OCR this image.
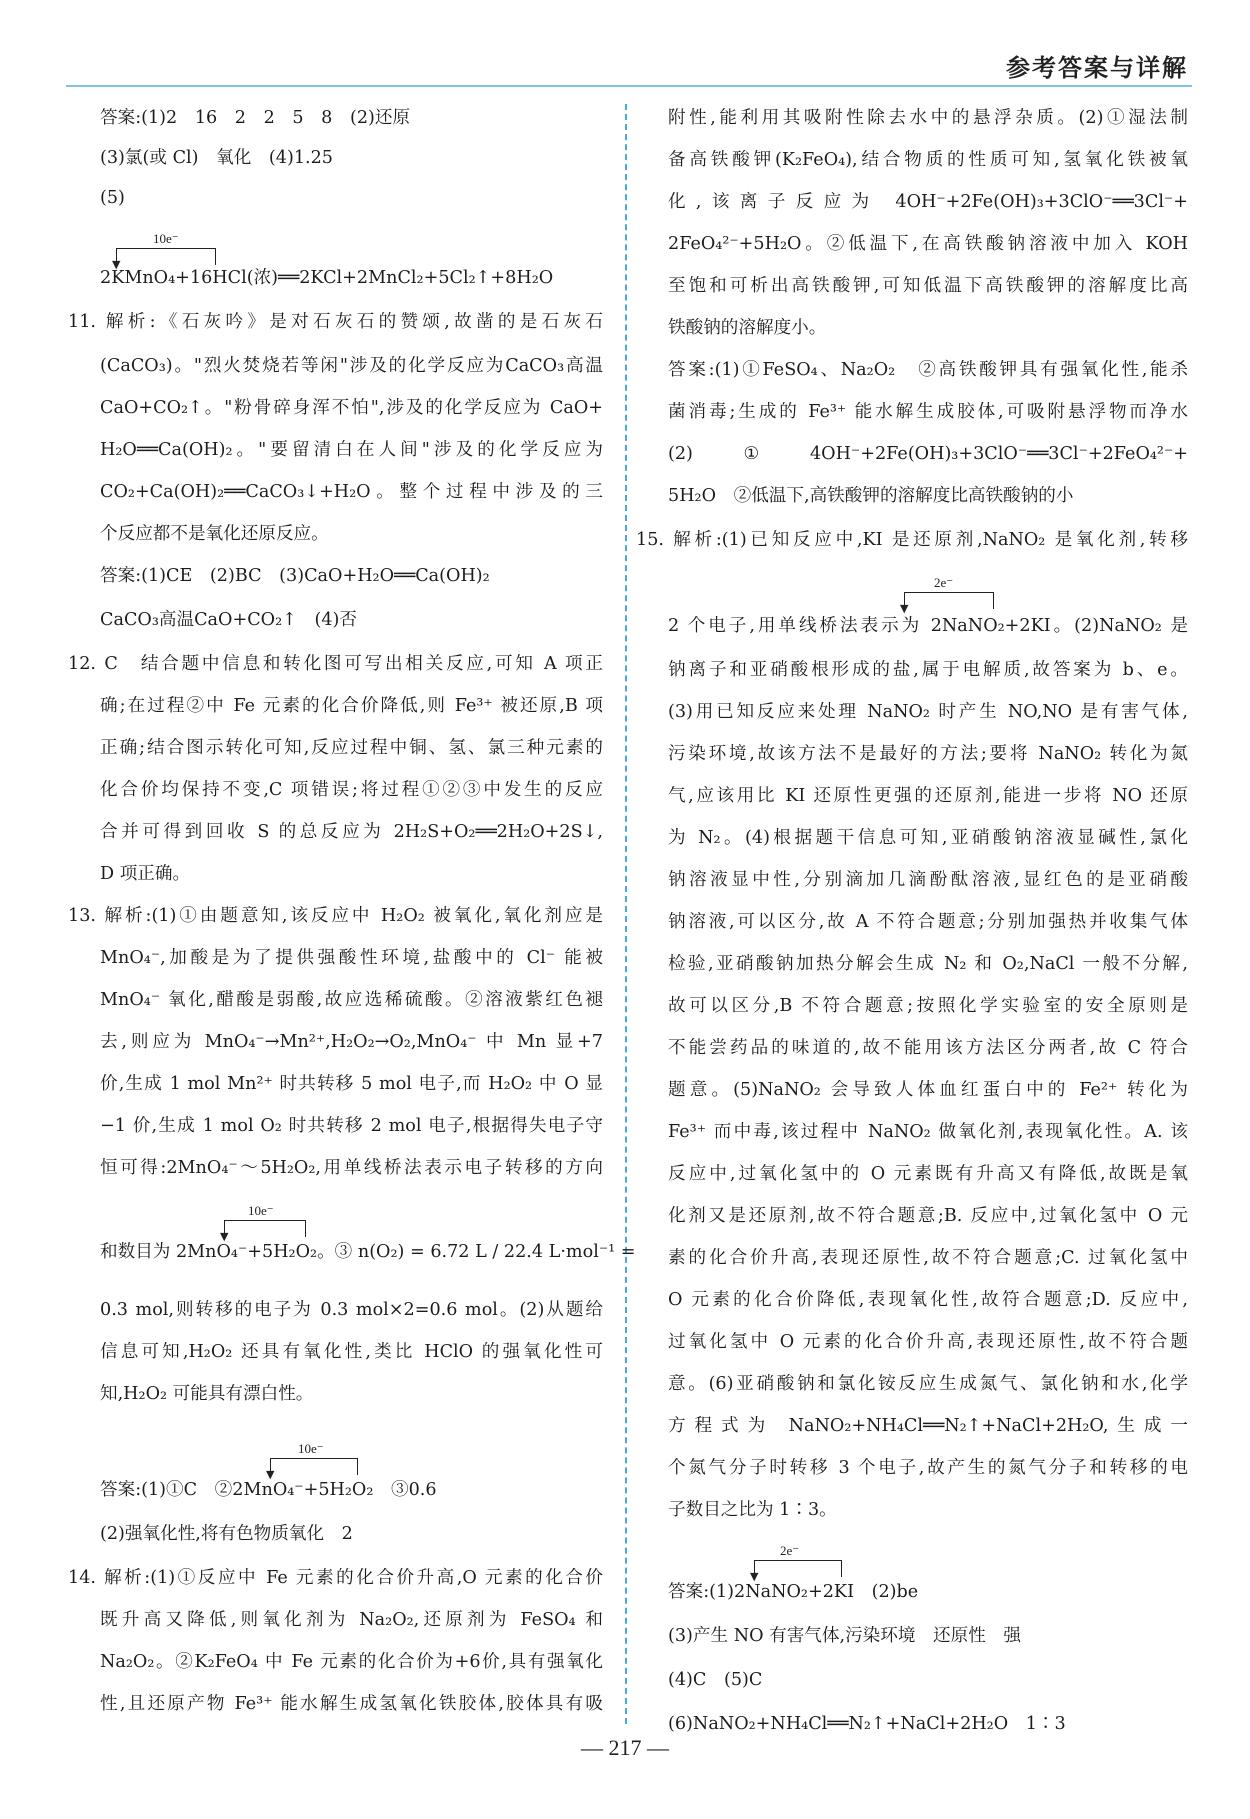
参考答案与详解
答案:(1)2　16　2　2　5　8　(2)还原
(3)氯(或 Cl)　氧化　(4)1.25
(5)
10e⁻
▼
2KMnO₄+16HCl(浓)══2KCl+2MnCl₂+5Cl₂↑+8H₂O
11. 解析:《石灰吟》是对石灰石的赞颂,故凿的是石灰石
(CaCO₃)。"烈火焚烧若等闲"涉及的化学反应为CaCO₃高温
CaO+CO₂↑。"粉骨碎身浑不怕",涉及的化学反应为 CaO+
H₂O══Ca(OH)₂。"要留清白在人间"涉及的化学反应为
CO₂+Ca(OH)₂══CaCO₃↓+H₂O。整个过程中涉及的三
个反应都不是氧化还原反应。
答案:(1)CE　(2)BC　(3)CaO+H₂O══Ca(OH)₂
CaCO₃高温CaO+CO₂↑　(4)否
12. C　结合题中信息和转化图可写出相关反应,可知 A 项正
确;在过程②中 Fe 元素的化合价降低,则 Fe³⁺ 被还原,B 项
正确;结合图示转化可知,反应过程中铜、氢、氯三种元素的
化合价均保持不变,C 项错误;将过程①②③中发生的反应
合并可得到回收 S 的总反应为 2H₂S+O₂══2H₂O+2S↓,
D 项正确。
13. 解析:(1)①由题意知,该反应中 H₂O₂ 被氧化,氧化剂应是
MnO₄⁻,加酸是为了提供强酸性环境,盐酸中的 Cl⁻ 能被
MnO₄⁻ 氧化,醋酸是弱酸,故应选稀硫酸。②溶液紫红色褪
去,则应为 MnO₄⁻→Mn²⁺,H₂O₂→O₂,MnO₄⁻ 中 Mn 显+7
价,生成 1 mol Mn²⁺ 时共转移 5 mol 电子,而 H₂O₂ 中 O 显
−1 价,生成 1 mol O₂ 时共转移 2 mol 电子,根据得失电子守
恒可得:2MnO₄⁻～5H₂O₂,用单线桥法表示电子转移的方向
10e⁻
▼
和数目为 2MnO₄⁻+5H₂O₂。③ n(O₂) = 6.72 L / 22.4 L·mol⁻¹ =
0.3 mol,则转移的电子为 0.3 mol×2=0.6 mol。(2)从题给
信息可知,H₂O₂ 还具有氧化性,类比 HClO 的强氧化性可
知,H₂O₂ 可能具有漂白性。
10e⁻
▼
答案:(1)①C　②2MnO₄⁻+5H₂O₂　③0.6
(2)强氧化性,将有色物质氧化　2
14. 解析:(1)①反应中 Fe 元素的化合价升高,O 元素的化合价
既升高又降低,则氧化剂为 Na₂O₂,还原剂为 FeSO₄ 和
Na₂O₂。②K₂FeO₄ 中 Fe 元素的化合价为+6价,具有强氧化
性,且还原产物 Fe³⁺ 能水解生成氢氧化铁胶体,胶体具有吸
附性,能利用其吸附性除去水中的悬浮杂质。(2)①湿法制
备高铁酸钾(K₂FeO₄),结合物质的性质可知,氢氧化铁被氧
化,该离子反应为 4OH⁻+2Fe(OH)₃+3ClO⁻══3Cl⁻+
2FeO₄²⁻+5H₂O。②低温下,在高铁酸钠溶液中加入 KOH
至饱和可析出高铁酸钾,可知低温下高铁酸钾的溶解度比高
铁酸钠的溶解度小。
答案:(1)①FeSO₄、Na₂O₂　②高铁酸钾具有强氧化性,能杀
菌消毒;生成的 Fe³⁺ 能水解生成胶体,可吸附悬浮物而净水
(2)①4OH⁻+2Fe(OH)₃+3ClO⁻══3Cl⁻+2FeO₄²⁻+
5H₂O　②低温下,高铁酸钾的溶解度比高铁酸钠的小
15. 解析:(1)已知反应中,KI 是还原剂,NaNO₂ 是氧化剂,转移
2e⁻
▼
2 个电子,用单线桥法表示为 2NaNO₂+2KI。(2)NaNO₂ 是
钠离子和亚硝酸根形成的盐,属于电解质,故答案为 b、e。
(3)用已知反应来处理 NaNO₂ 时产生 NO,NO 是有害气体,
污染环境,故该方法不是最好的方法;要将 NaNO₂ 转化为氮
气,应该用比 KI 还原性更强的还原剂,能进一步将 NO 还原
为 N₂。(4)根据题干信息可知,亚硝酸钠溶液显碱性,氯化
钠溶液显中性,分别滴加几滴酚酞溶液,显红色的是亚硝酸
钠溶液,可以区分,故 A 不符合题意;分别加强热并收集气体
检验,亚硝酸钠加热分解会生成 N₂ 和 O₂,NaCl 一般不分解,
故可以区分,B 不符合题意;按照化学实验室的安全原则是
不能尝药品的味道的,故不能用该方法区分两者,故 C 符合
题意。(5)NaNO₂ 会导致人体血红蛋白中的 Fe²⁺ 转化为
Fe³⁺ 而中毒,该过程中 NaNO₂ 做氧化剂,表现氧化性。A. 该
反应中,过氧化氢中的 O 元素既有升高又有降低,故既是氧
化剂又是还原剂,故不符合题意;B. 反应中,过氧化氢中 O 元
素的化合价升高,表现还原性,故不符合题意;C. 过氧化氢中
O 元素的化合价降低,表现氧化性,故符合题意;D. 反应中,
过氧化氢中 O 元素的化合价升高,表现还原性,故不符合题
意。(6)亚硝酸钠和氯化铵反应生成氮气、氯化钠和水,化学
方程式为 NaNO₂+NH₄Cl══N₂↑+NaCl+2H₂O,生成一
个氮气分子时转移 3 个电子,故产生的氮气分子和转移的电
子数目之比为 1∶3。
2e⁻
▼
答案:(1)2NaNO₂+2KI　(2)be
(3)产生 NO 有害气体,污染环境　还原性　强
(4)C　(5)C
(6)NaNO₂+NH₄Cl══N₂↑+NaCl+2H₂O　1∶3
— 217 —
